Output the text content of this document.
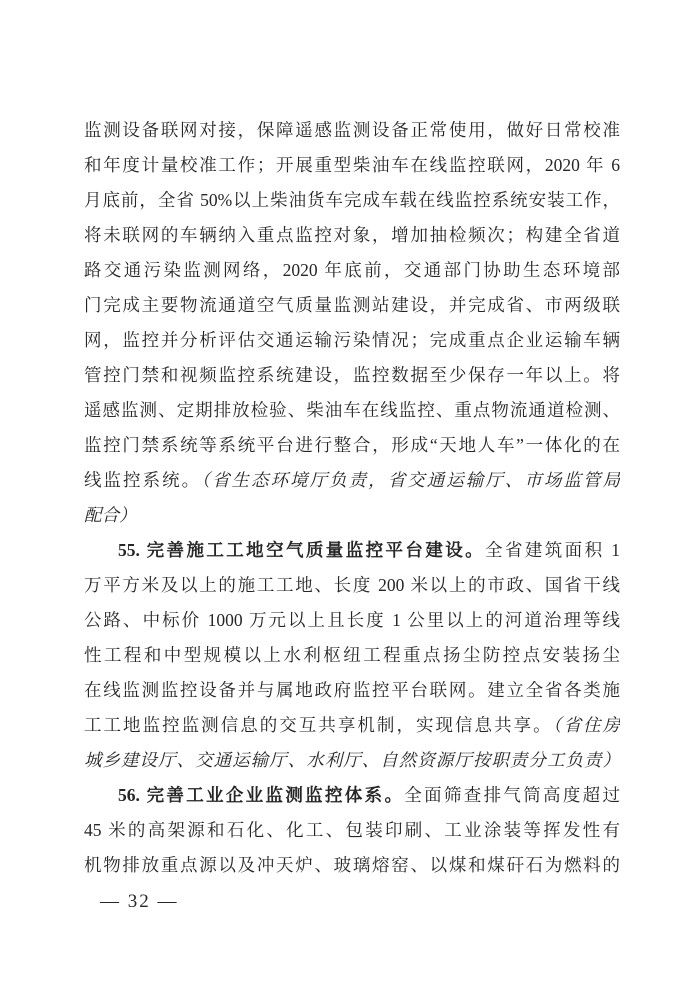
监测设备联网对接，保障遥感监测设备正常使用，做好日常校准
和年度计量校准工作；开展重型柴油车在线监控联网，2020 年 6
月底前，全省 50%以上柴油货车完成车载在线监控系统安装工作，
将未联网的车辆纳入重点监控对象，增加抽检频次；构建全省道
路交通污染监测网络，2020 年底前，交通部门协助生态环境部
门完成主要物流通道空气质量监测站建设，并完成省、市两级联
网，监控并分析评估交通运输污染情况；完成重点企业运输车辆
管控门禁和视频监控系统建设，监控数据至少保存一年以上。将
遥感监测、定期排放检验、柴油车在线监控、重点物流通道检测、
监控门禁系统等系统平台进行整合，形成“天地人车”一体化的在
线监控系统。（省生态环境厅负责，省交通运输厅、市场监管局
配合）
55. 完善施工工地空气质量监控平台建设。全省建筑面积 1
万平方米及以上的施工工地、长度 200 米以上的市政、国省干线
公路、中标价 1000 万元以上且长度 1 公里以上的河道治理等线
性工程和中型规模以上水利枢纽工程重点扬尘防控点安装扬尘
在线监测监控设备并与属地政府监控平台联网。建立全省各类施
工工地监控监测信息的交互共享机制，实现信息共享。（省住房
城乡建设厅、交通运输厅、水利厅、自然资源厅按职责分工负责）
56. 完善工业企业监测监控体系。全面筛查排气筒高度超过
45 米的高架源和石化、化工、包装印刷、工业涂装等挥发性有
机物排放重点源以及冲天炉、玻璃熔窑、以煤和煤矸石为燃料的
— 32 —
